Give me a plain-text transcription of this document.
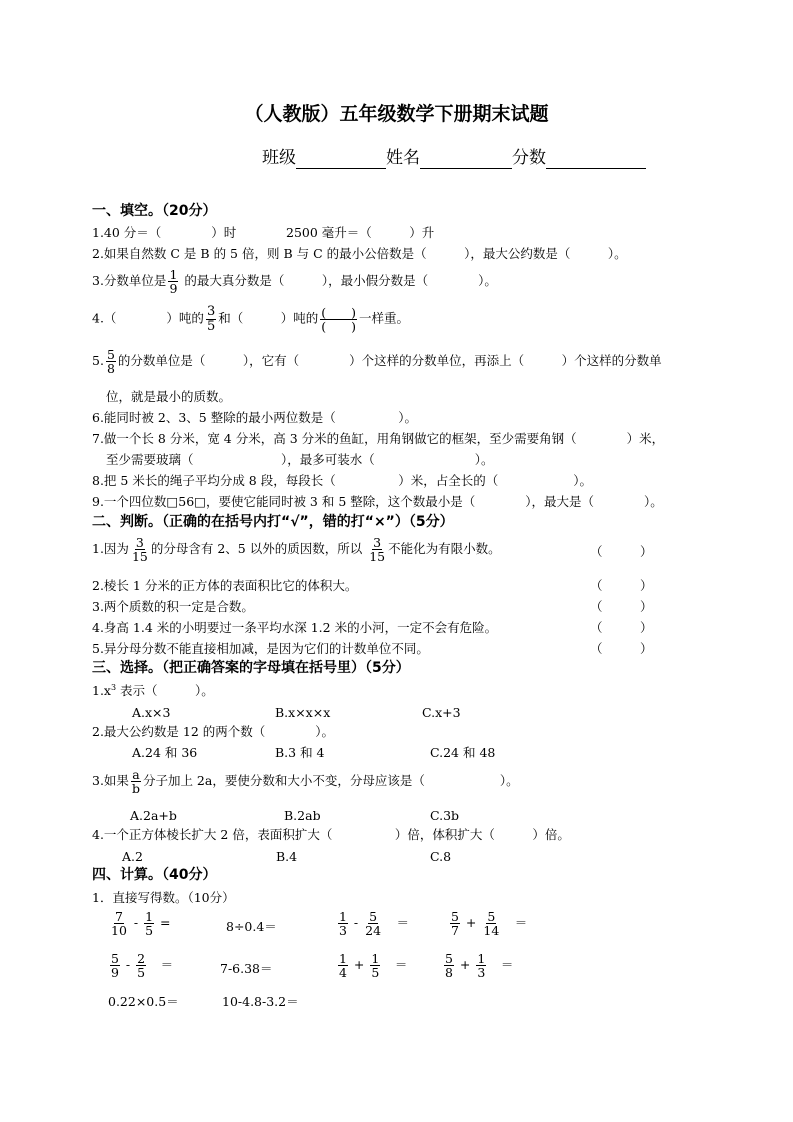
（人教版）五年级数学下册期末试题
班级	姓名	分数
一、填空。（20分）
1.40 分＝（　　　　）时	2500 毫升＝（　　　）升
2.如果自然数 C 是 B 的 5 倍，则 B 与 C 的最小公倍数是（　　　），最大公约数是（　　　）。
3.分数单位是 $\frac{1}{9}$ 的最大真分数是（　　　），最小假分数是（　　　　）。
4.（　　　　）吨的 $\frac{3}{5}$ 和（　　　）吨的 $\frac{( )}{( )}$ 一样重。
5. $\frac{5}{8}$ 的分数单位是（　　　），它有（　　　　）个这样的分数单位，再添上（　　　）个这样的分数单
位，就是最小的质数。
6.能同时被 2、3、5 整除的最小两位数是（　　　　　）。
7.做一个长 8 分米，宽 4 分米，高 3 分米的鱼缸，用角钢做它的框架，至少需要角钢（　　　　）米，
至少需要玻璃（　　　　　　　），最多可装水（　　　　　　　　）。
8.把 5 米长的绳子平均分成 8 段，每段长（　　　　　）米，占全长的（　　　　　　）。
9.一个四位数□56□，要使它能同时被 3 和 5 整除，这个数最小是（　　　　），最大是（　　　　）。
二、判断。（正确的在括号内打“√”，错的打“×”）（5分）
1.因为 $\frac{3}{15}$ 的分母含有 2、5 以外的质因数，所以 $\frac{3}{15}$ 不能化为有限小数。	（　　　）
2.棱长 1 分米的正方体的表面积比它的体积大。	（　　　）
3.两个质数的积一定是合数。	（　　　）
4.身高 1.4 米的小明要过一条平均水深 1.2 米的小河，一定不会有危险。	（　　　）
5.异分母分数不能直接相加减，是因为它们的计数单位不同。	（　　　）
三、选择。（把正确答案的字母填在括号里）（5分）
$1.x^3$ 表示（　　　）。
A.x×3	B.x×x×x	C.x+3
2.最大公约数是 12 的两个数（　　　　）。
A.24 和 36	B.3 和 4	C.24 和 48
3.如果 $\frac{a}{b}$ 分子加上 2a，要使分数和大小不变，分母应该是（　　　　　　）。
A.2a+b	B.2ab	C.3b
4.一个正方体棱长扩大 2 倍，表面积扩大（　　　　　）倍，体积扩大（　　　）倍。
A.2	B.4	C.8
四、计算。（40分）
1．直接写得数。（10分）
$\frac{7}{10} - \frac{1}{5}$ =	8÷0.4＝	$\frac{1}{3} - \frac{5}{24}$ 　＝	$\frac{5}{7} + \frac{5}{14}$ 　＝
$\frac{5}{9} - \frac{2}{5}$ 　＝	7-6.38＝	$\frac{1}{4} + \frac{1}{5}$ 　＝	$\frac{5}{8} + \frac{1}{3}$ 　＝
0.22×0.5＝	10-4.8-3.2＝
